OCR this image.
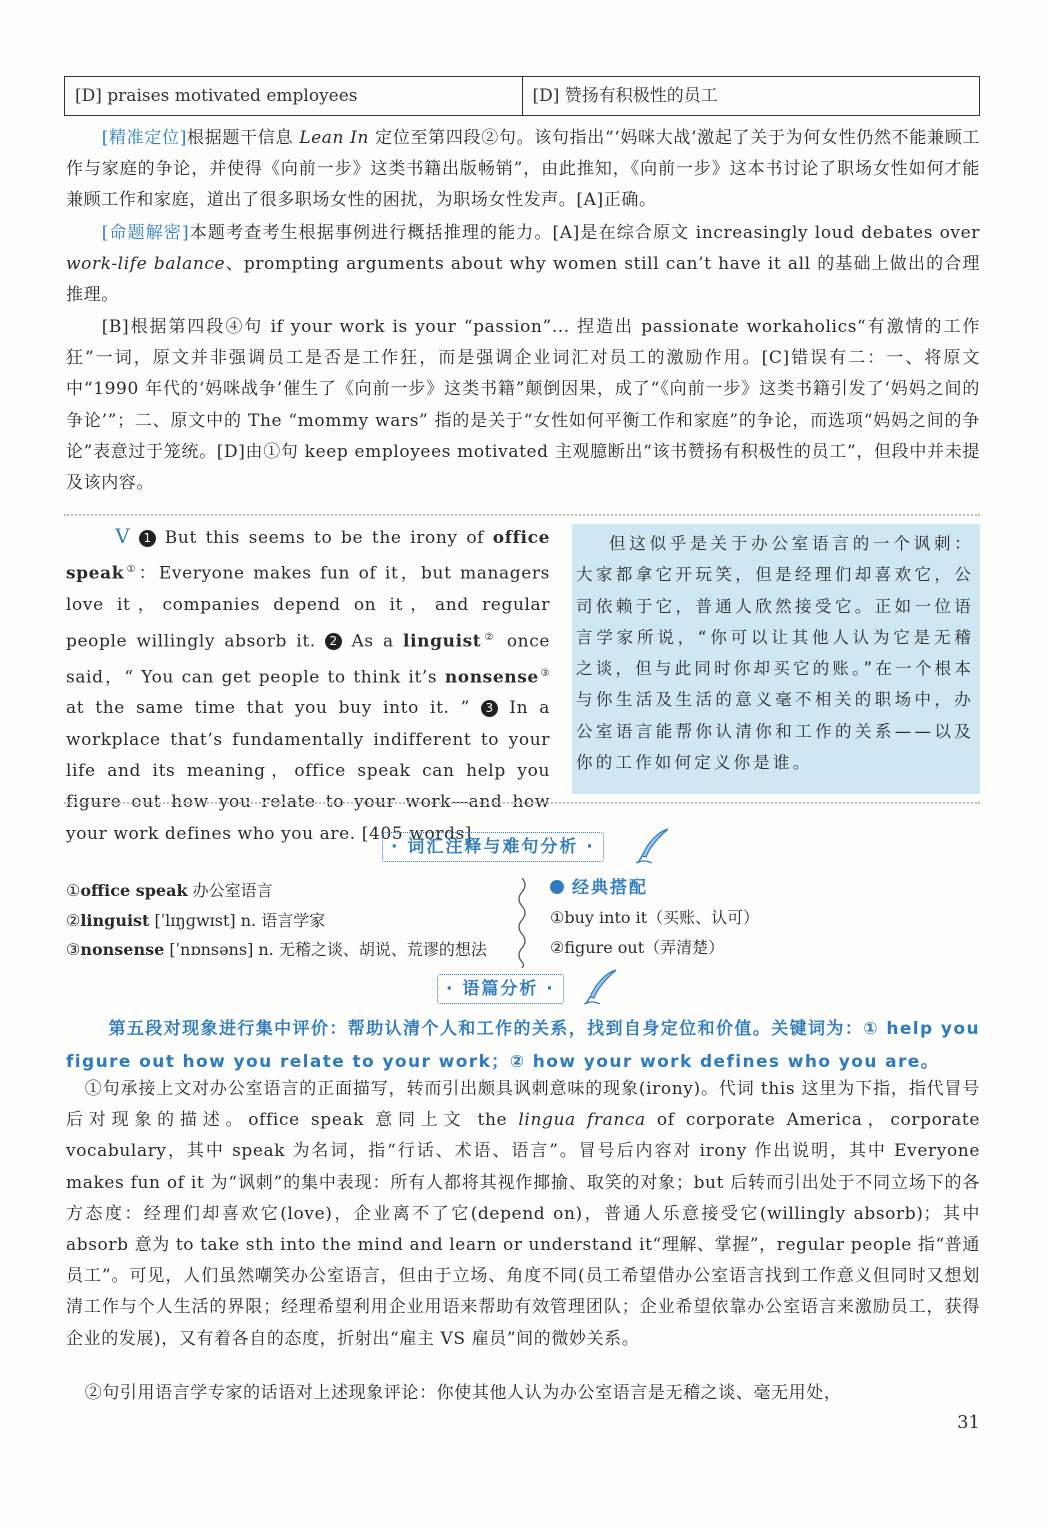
[D] praises motivated employees	[D] 赞扬有积极性的员工
[精准定位]根据题干信息 Lean In 定位至第四段②句。该句指出“‘妈咪大战’激起了关于为何女性仍然不能兼顾工作与家庭的争论，并使得《向前一步》这类书籍出版畅销”，由此推知，《向前一步》这本书讨论了职场女性如何才能兼顾工作和家庭，道出了很多职场女性的困扰，为职场女性发声。[A]正确。
[命题解密]本题考查考生根据事例进行概括推理的能力。[A]是在综合原文 increasingly loud debates over work-life balance、prompting arguments about why women still can’t have it all 的基础上做出的合理推理。
[B]根据第四段④句 if your work is your “passion”... 捏造出 passionate workaholics“有激情的工作狂”一词，原文并非强调员工是否是工作狂，而是强调企业词汇对员工的激励作用。[C]错误有二：一、将原文中“1990 年代的‘妈咪战争’催生了《向前一步》这类书籍”颠倒因果，成了“《向前一步》这类书籍引发了‘妈妈之间的争论’”；二、原文中的 The “mommy wars” 指的是关于“女性如何平衡工作和家庭”的争论，而选项“妈妈之间的争论”表意过于笼统。[D]由①句 keep employees motivated 主观臆断出“该书赞扬有积极性的员工”，但段中并未提及该内容。
V 1 But this seems to be the irony of office speak①：Everyone makes fun of it，but managers love it，companies depend on it，and regular people willingly absorb it. 2 As a linguist② once said，“ You can get people to think it’s nonsense③ at the same time that you buy into it. ” 3 In a workplace that’s fundamentally indifferent to your life and its meaning，office speak can help you figure out how you relate to your work—and how your work defines who you are. [405 words]
但这似乎是关于办公室语言的一个讽刺：大家都拿它开玩笑，但是经理们却喜欢它，公司依赖于它，普通人欣然接受它。正如一位语言学家所说，“你可以让其他人认为它是无稽之谈，但与此同时你却买它的账。”在一个根本与你生活及生活的意义毫不相关的职场中，办公室语言能帮你认清你和工作的关系——以及你的工作如何定义你是谁。
· 词汇注释与难句分析 ·
①office speak 办公室语言
②linguist [ˈlɪŋɡwɪst] n. 语言学家
③nonsense [ˈnɒnsəns] n. 无稽之谈、胡说、荒谬的想法
经典搭配
①buy into it（买账、认可）
②figure out（弄清楚）
· 语篇分析 ·
第五段对现象进行集中评价：帮助认清个人和工作的关系，找到自身定位和价值。关键词为：① help you figure out how you relate to your work；② how your work defines who you are。
①句承接上文对办公室语言的正面描写，转而引出颇具讽刺意味的现象(irony)。代词 this 这里为下指，指代冒号后对现象的描述。office speak 意同上文 the lingua franca of corporate America，corporate vocabulary，其中 speak 为名词，指“行话、术语、语言”。冒号后内容对 irony 作出说明，其中 Everyone makes fun of it 为“讽刺”的集中表现：所有人都将其视作揶揄、取笑的对象；but 后转而引出处于不同立场下的各方态度：经理们却喜欢它(love)，企业离不了它(depend on)，普通人乐意接受它(willingly absorb)；其中 absorb 意为 to take sth into the mind and learn or understand it“理解、掌握”，regular people 指“普通员工”。可见，人们虽然嘲笑办公室语言，但由于立场、角度不同(员工希望借办公室语言找到工作意义但同时又想划清工作与个人生活的界限；经理希望利用企业用语来帮助有效管理团队；企业希望依靠办公室语言来激励员工，获得企业的发展)，又有着各自的态度，折射出“雇主 VS 雇员”间的微妙关系。
②句引用语言学专家的话语对上述现象评论：你使其他人认为办公室语言是无稽之谈、毫无用处，
31
